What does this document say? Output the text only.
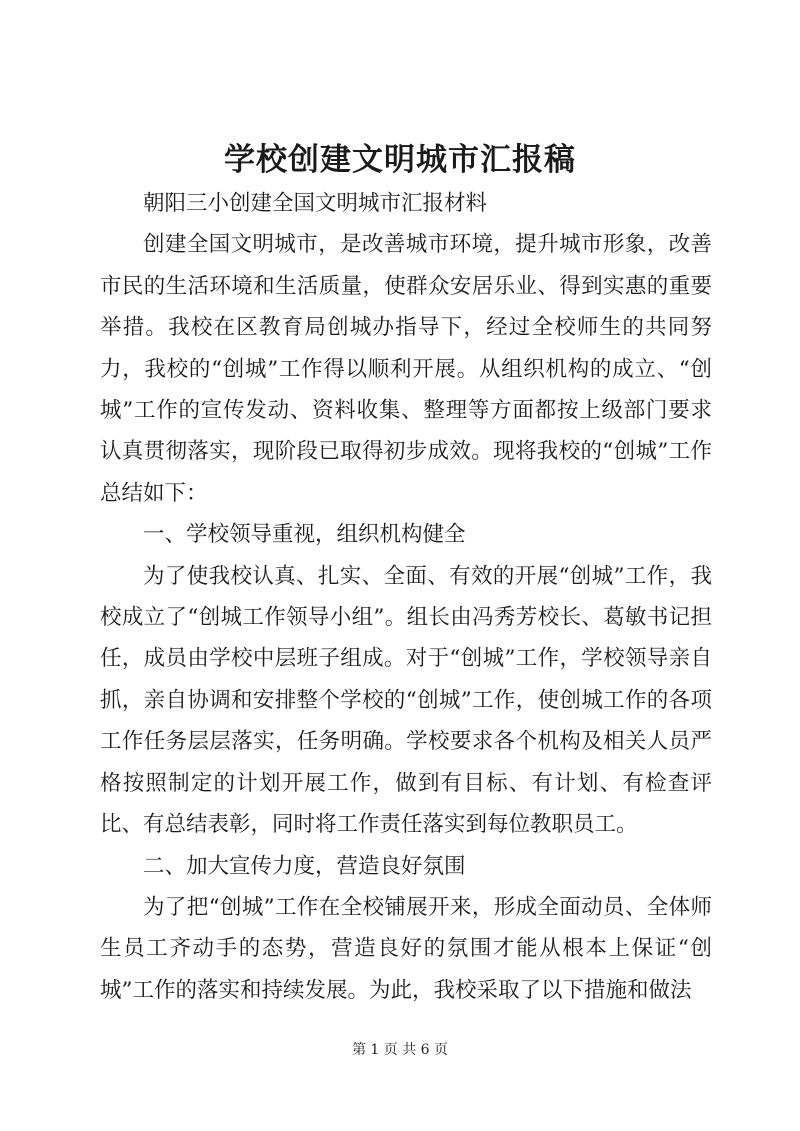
学校创建文明城市汇报稿

朝阳三小创建全国文明城市汇报材料

创建全国文明城市，是改善城市环境，提升城市形象，改善市民的生活环境和生活质量，使群众安居乐业、得到实惠的重要举措。我校在区教育局创城办指导下，经过全校师生的共同努力，我校的“创城”工作得以顺利开展。从组织机构的成立、“创城”工作的宣传发动、资料收集、整理等方面都按上级部门要求认真贯彻落实，现阶段已取得初步成效。现将我校的“创城”工作总结如下：

一、学校领导重视，组织机构健全

为了使我校认真、扎实、全面、有效的开展“创城”工作，我校成立了“创城工作领导小组”。组长由冯秀芳校长、葛敏书记担任，成员由学校中层班子组成。对于“创城”工作，学校领导亲自抓，亲自协调和安排整个学校的“创城”工作，使创城工作的各项工作任务层层落实，任务明确。学校要求各个机构及相关人员严格按照制定的计划开展工作，做到有目标、有计划、有检查评比、有总结表彰，同时将工作责任落实到每位教职员工。

二、加大宣传力度，营造良好氛围

为了把“创城”工作在全校铺展开来，形成全面动员、全体师生员工齐动手的态势，营造良好的氛围才能从根本上保证“创城”工作的落实和持续发展。为此，我校采取了以下措施和做法

第 1 页 共 6 页
